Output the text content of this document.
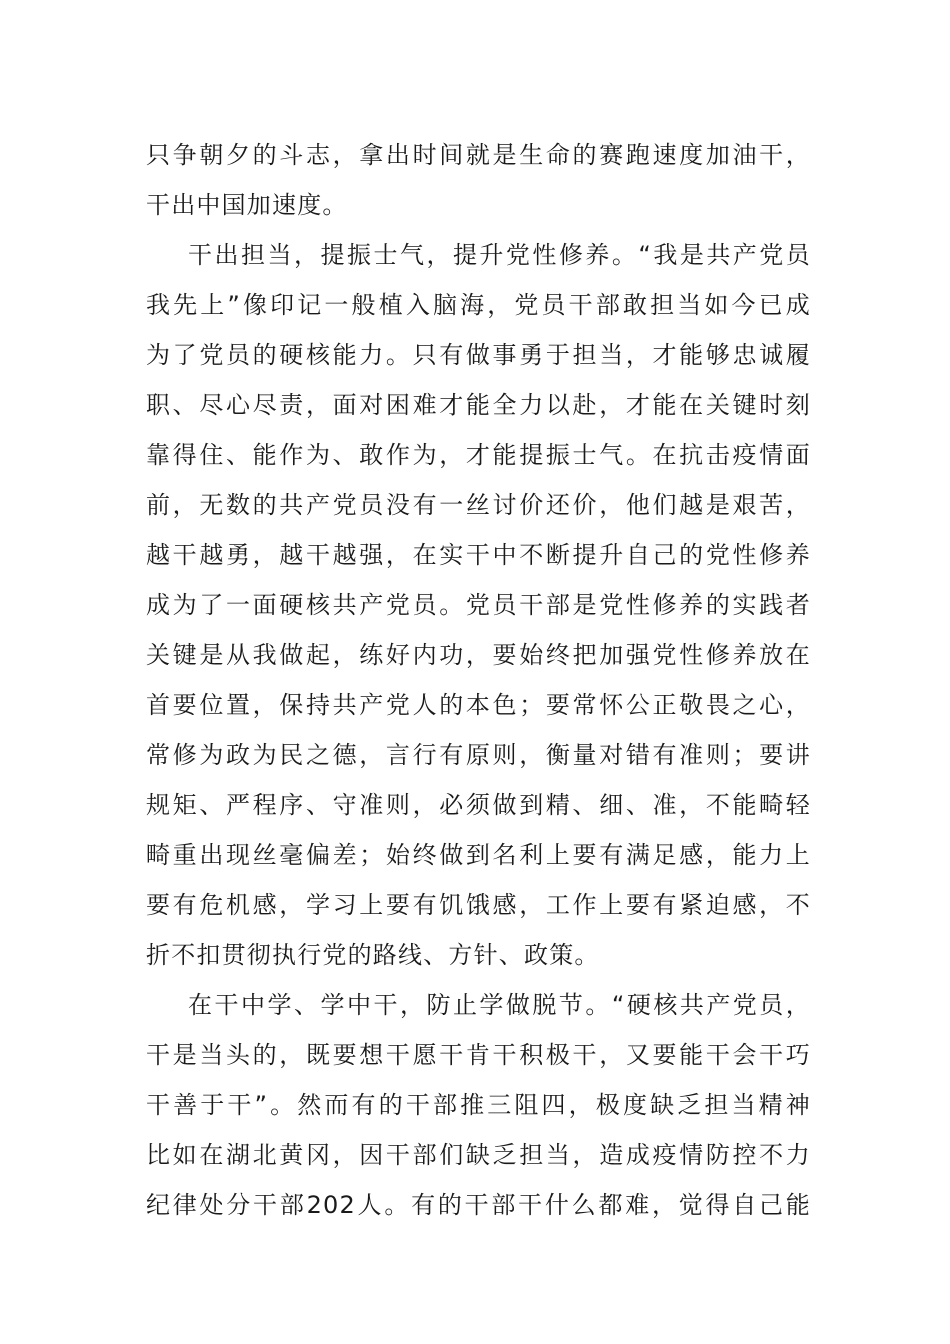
只争朝夕的斗志，拿出时间就是生命的赛跑速度加油干，
干出中国加速度。
干出担当，提振士气，提升党性修养。“我是共产党员
我先上”像印记一般植入脑海，党员干部敢担当如今已成
为了党员的硬核能力。只有做事勇于担当，才能够忠诚履
职、尽心尽责，面对困难才能全力以赴，才能在关键时刻
靠得住、能作为、敢作为，才能提振士气。在抗击疫情面
前，无数的共产党员没有一丝讨价还价，他们越是艰苦，
越干越勇，越干越强，在实干中不断提升自己的党性修养
成为了一面硬核共产党员。党员干部是党性修养的实践者
关键是从我做起，练好内功，要始终把加强党性修养放在
首要位置，保持共产党人的本色；要常怀公正敬畏之心，
常修为政为民之德，言行有原则，衡量对错有准则；要讲
规矩、严程序、守准则，必须做到精、细、准，不能畸轻
畸重出现丝毫偏差；始终做到名利上要有满足感，能力上
要有危机感，学习上要有饥饿感，工作上要有紧迫感，不
折不扣贯彻执行党的路线、方针、政策。
在干中学、学中干，防止学做脱节。“硬核共产党员，
干是当头的，既要想干愿干肯干积极干，又要能干会干巧
干善于干”。然而有的干部推三阻四，极度缺乏担当精神
比如在湖北黄冈，因干部们缺乏担当，造成疫情防控不力
纪律处分干部202人。有的干部干什么都难，觉得自己能
